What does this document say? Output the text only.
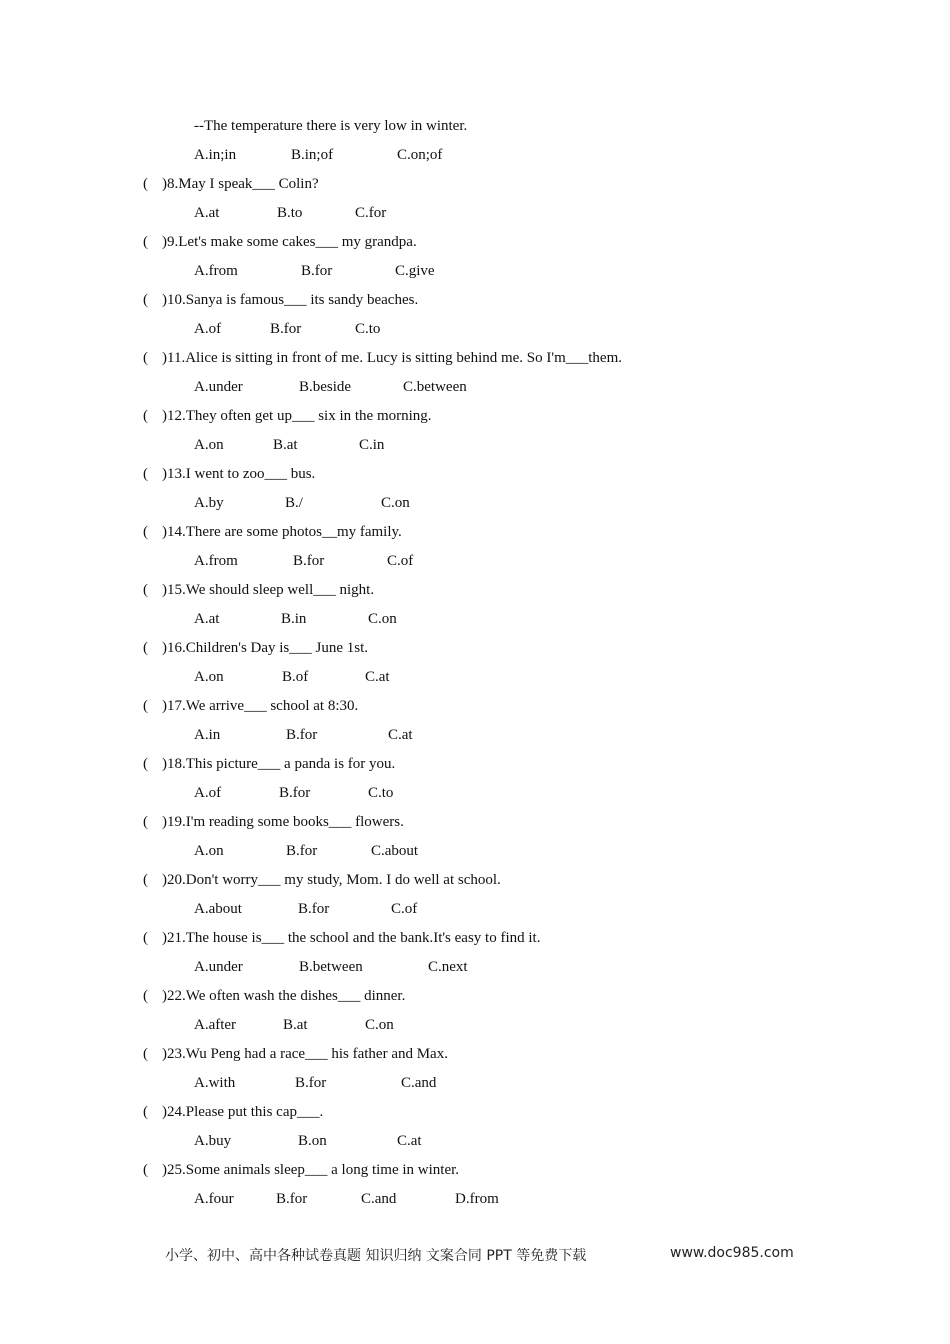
--The temperature there is very low in winter.
A.in;in	B.in;of	C.on;of
( )8.May I speak___ Colin?
A.at	B.to	C.for
( )9.Let's make some cakes___ my grandpa.
A.from	B.for	C.give
( )10.Sanya is famous___ its sandy beaches.
A.of	B.for	C.to
( )11.Alice is sitting in front of me. Lucy is sitting behind me. So I'm___them.
A.under	B.beside	C.between
( )12.They often get up___ six in the morning.
A.on	B.at	C.in
( )13.I went to zoo___ bus.
A.by	B./	C.on
( )14.There are some photos__my family.
A.from	B.for	C.of
( )15.We should sleep well___ night.
A.at	B.in	C.on
( )16.Children's Day is___ June 1st.
A.on	B.of	C.at
( )17.We arrive___ school at 8:30.
A.in	B.for	C.at
( )18.This picture___ a panda is for you.
A.of	B.for	C.to
( )19.I'm reading some books___ flowers.
A.on	B.for	C.about
( )20.Don't worry___ my study, Mom. I do well at school.
A.about	B.for	C.of
( )21.The house is___ the school and the bank.It's easy to find it.
A.under	B.between	C.next
( )22.We often wash the dishes___ dinner.
A.after	B.at	C.on
( )23.Wu Peng had a race___ his father and Max.
A.with	B.for	C.and
( )24.Please put this cap___.
A.buy	B.on	C.at
( )25.Some animals sleep___ a long time in winter.
A.four	B.for	C.and	D.from
小学、初中、高中各种试卷真题 知识归纳 文案合同 PPT 等免费下载	www.doc985.com
